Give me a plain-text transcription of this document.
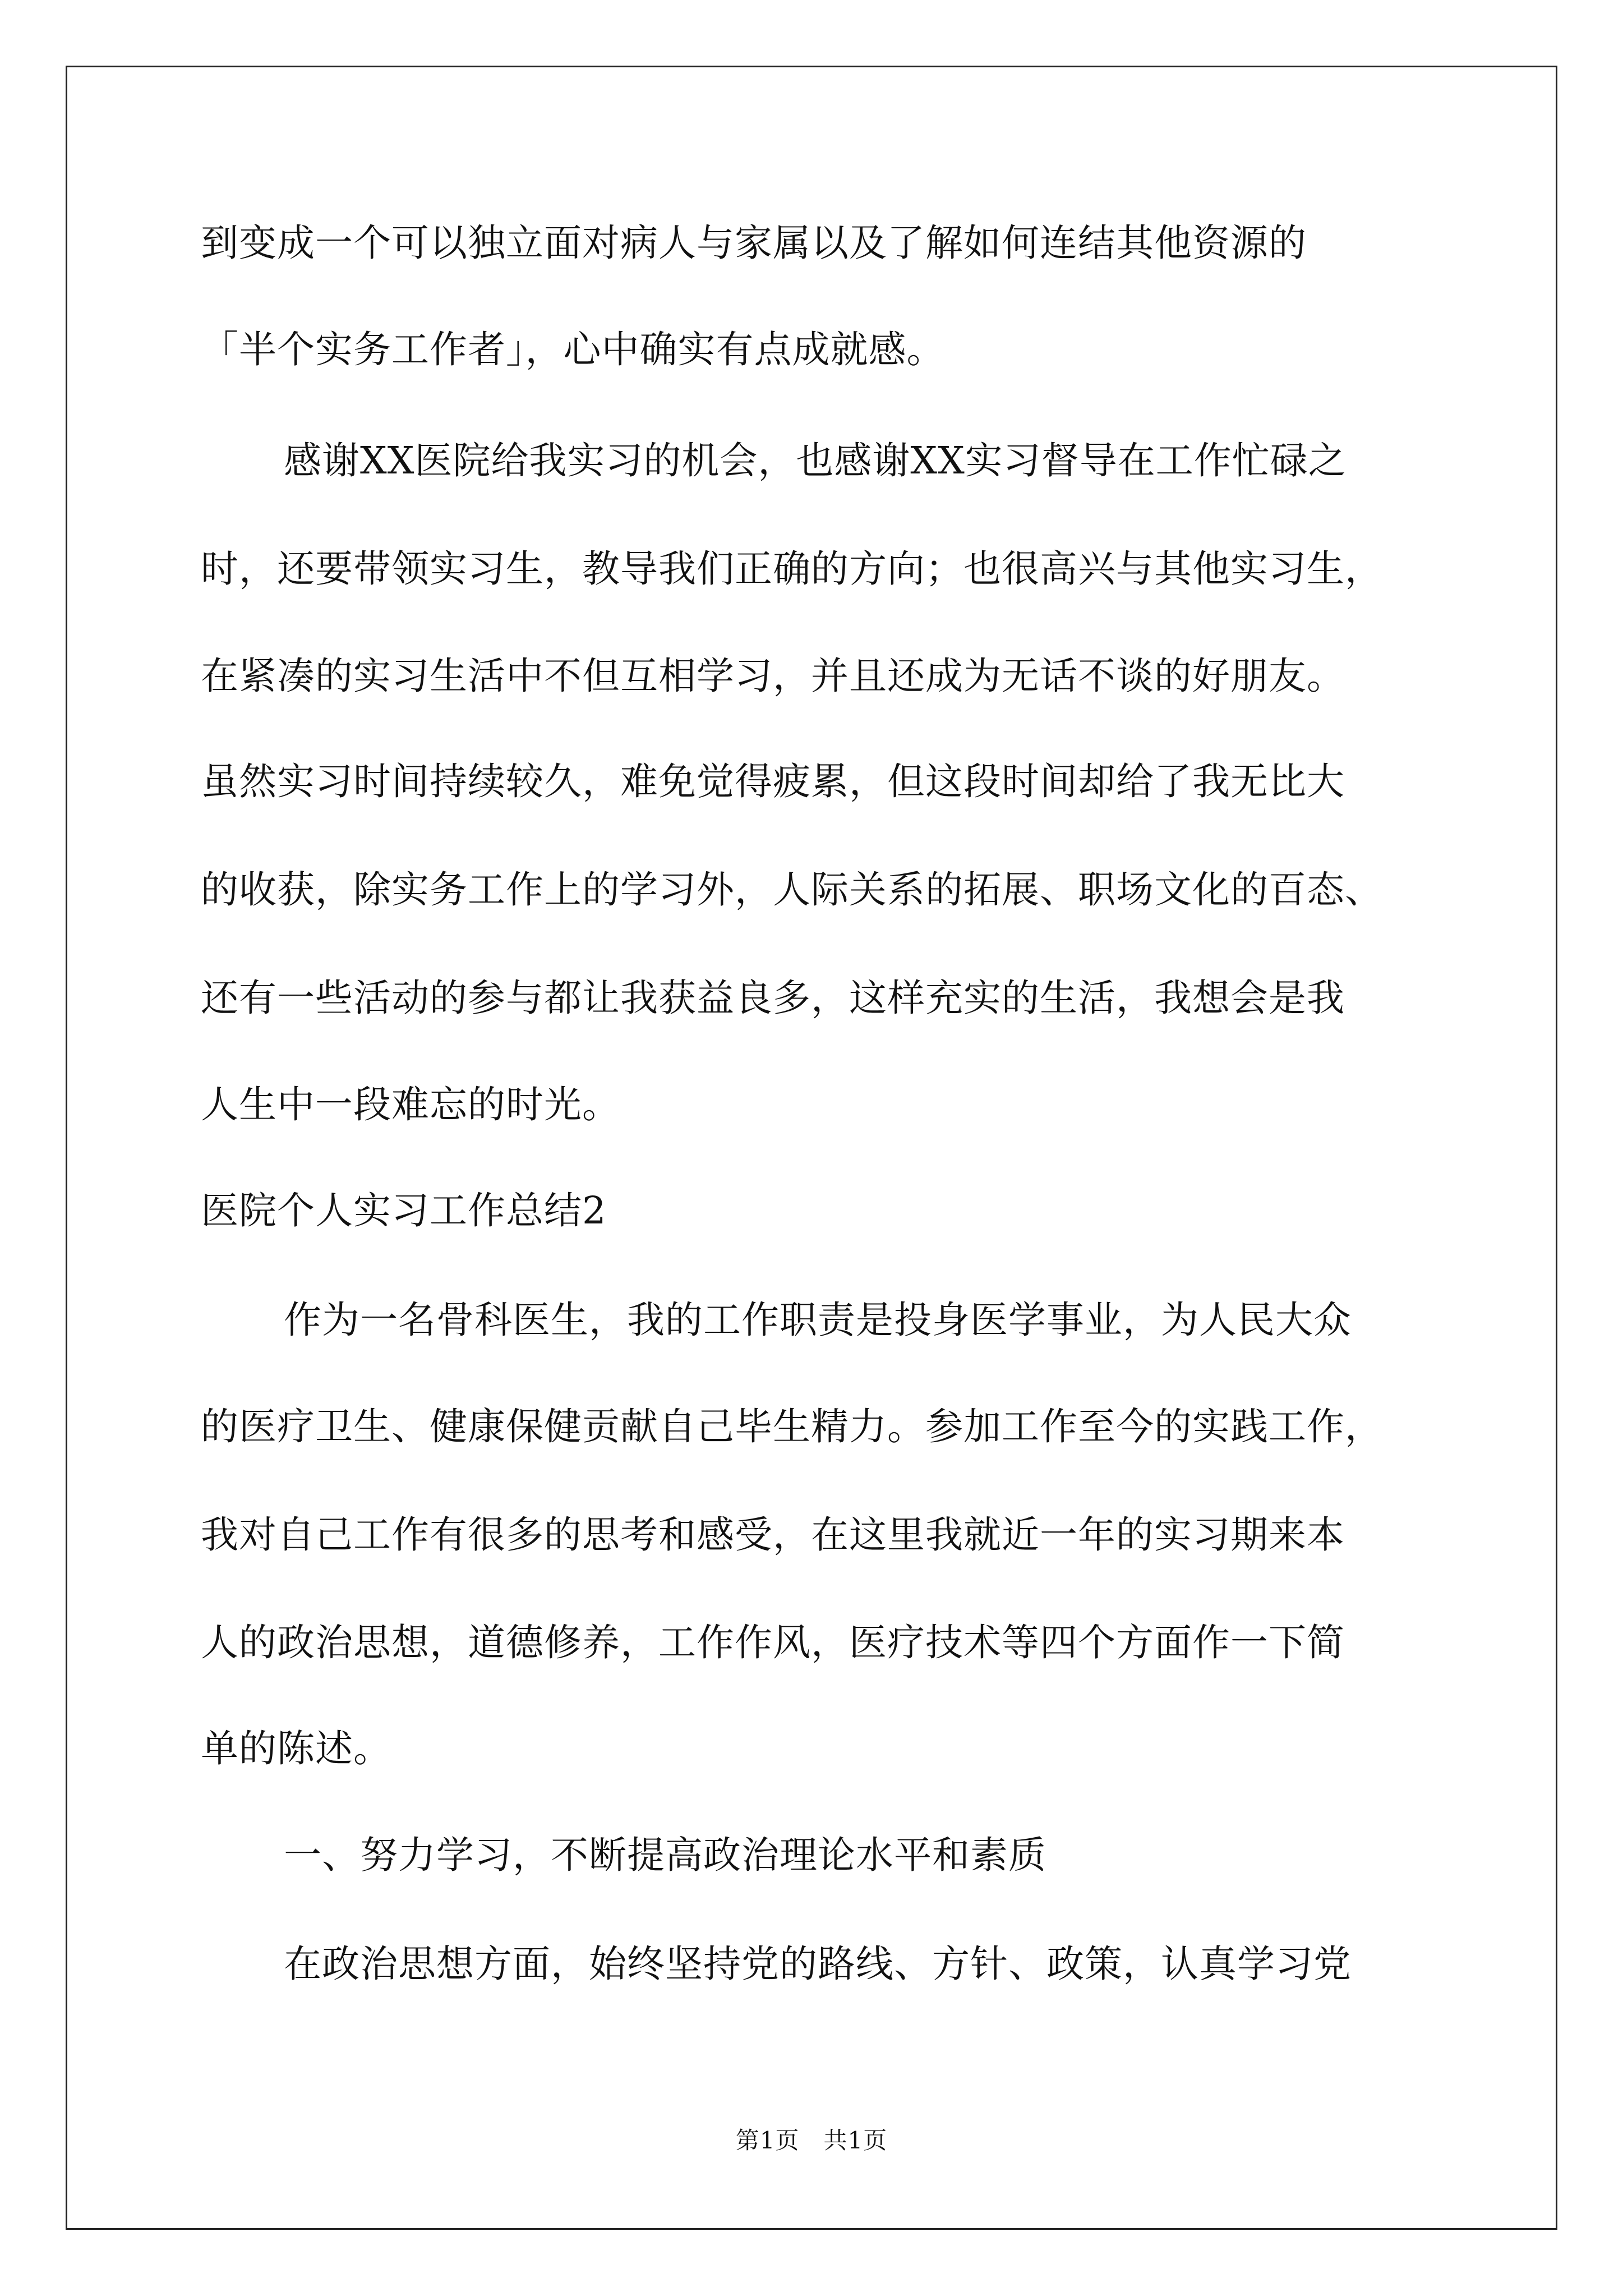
到变成一个可以独立面对病人与家属以及了解如何连结其他资源的
「半个实务工作者」，心中确实有点成就感。
感谢XX医院给我实习的机会，也感谢XX实习督导在工作忙碌之
时，还要带领实习生，教导我们正确的方向；也很高兴与其他实习生，
在紧凑的实习生活中不但互相学习，并且还成为无话不谈的好朋友。
虽然实习时间持续较久，难免觉得疲累，但这段时间却给了我无比大
的收获，除实务工作上的学习外，人际关系的拓展、职场文化的百态、
还有一些活动的参与都让我获益良多，这样充实的生活，我想会是我
人生中一段难忘的时光。
医院个人实习工作总结2
作为一名骨科医生，我的工作职责是投身医学事业，为人民大众
的医疗卫生、健康保健贡献自己毕生精力。参加工作至今的实践工作，
我对自己工作有很多的思考和感受，在这里我就近一年的实习期来本
人的政治思想，道德修养，工作作风，医疗技术等四个方面作一下简
单的陈述。
一、努力学习，不断提高政治理论水平和素质
在政治思想方面，始终坚持党的路线、方针、政策，认真学习党
第1页　共1页
